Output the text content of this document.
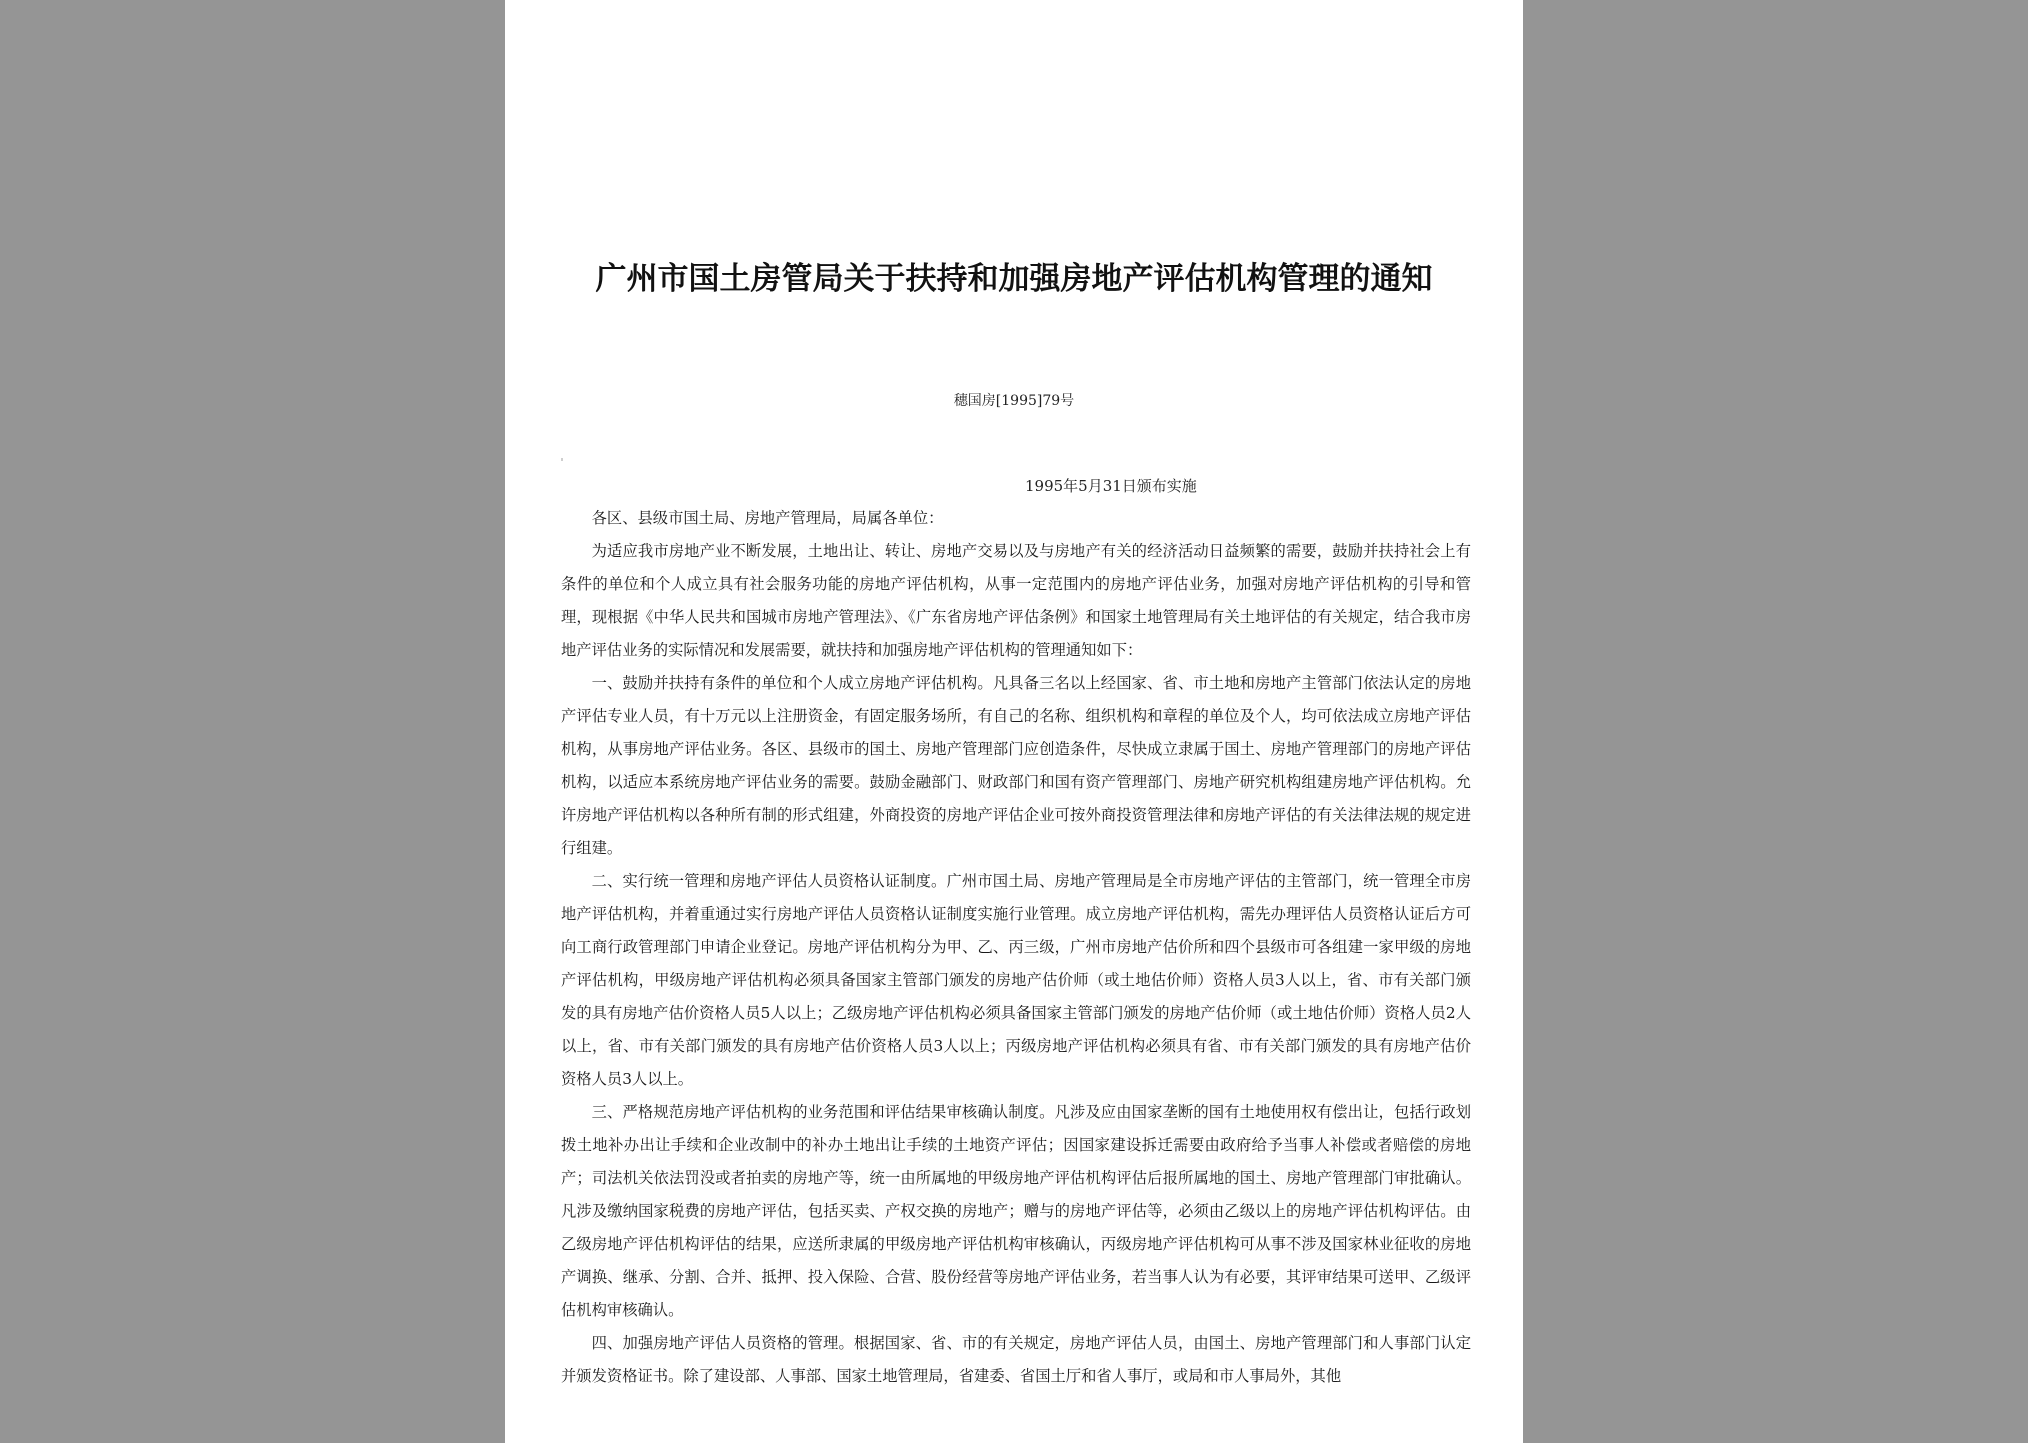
广州市国土房管局关于扶持和加强房地产评估机构管理的通知
穗国房[1995]79号
1995年5月31日颁布实施

各区、县级市国土局、房地产管理局，局属各单位：

为适应我市房地产业不断发展，土地出让、转让、房地产交易以及与房地产有关的经济活动日益频繁的需要，鼓励并扶持社会上有条件的单位和个人成立具有社会服务功能的房地产评估机构，从事一定范围内的房地产评估业务，加强对房地产评估机构的引导和管理，现根据《中华人民共和国城市房地产管理法》、《广东省房地产评估条例》和国家土地管理局有关土地评估的有关规定，结合我市房地产评估业务的实际情况和发展需要，就扶持和加强房地产评估机构的管理通知如下：

一、鼓励并扶持有条件的单位和个人成立房地产评估机构。凡具备三名以上经国家、省、市土地和房地产主管部门依法认定的房地产评估专业人员，有十万元以上注册资金，有固定服务场所，有自己的名称、组织机构和章程的单位及个人，均可依法成立房地产评估机构，从事房地产评估业务。各区、县级市的国土、房地产管理部门应创造条件，尽快成立隶属于国土、房地产管理部门的房地产评估机构，以适应本系统房地产评估业务的需要。鼓励金融部门、财政部门和国有资产管理部门、房地产研究机构组建房地产评估机构。允许房地产评估机构以各种所有制的形式组建，外商投资的房地产评估企业可按外商投资管理法律和房地产评估的有关法律法规的规定进行组建。

二、实行统一管理和房地产评估人员资格认证制度。广州市国土局、房地产管理局是全市房地产评估的主管部门，统一管理全市房地产评估机构，并着重通过实行房地产评估人员资格认证制度实施行业管理。成立房地产评估机构，需先办理评估人员资格认证后方可向工商行政管理部门申请企业登记。房地产评估机构分为甲、乙、丙三级，广州市房地产估价所和四个县级市可各组建一家甲级的房地产评估机构，甲级房地产评估机构必须具备国家主管部门颁发的房地产估价师（或土地估价师）资格人员3人以上，省、市有关部门颁发的具有房地产估价资格人员5人以上；乙级房地产评估机构必须具备国家主管部门颁发的房地产估价师（或土地估价师）资格人员2人以上，省、市有关部门颁发的具有房地产估价资格人员3人以上；丙级房地产评估机构必须具有省、市有关部门颁发的具有房地产估价资格人员3人以上。

三、严格规范房地产评估机构的业务范围和评估结果审核确认制度。凡涉及应由国家垄断的国有土地使用权有偿出让，包括行政划拨土地补办出让手续和企业改制中的补办土地出让手续的土地资产评估；因国家建设拆迁需要由政府给予当事人补偿或者赔偿的房地产；司法机关依法罚没或者拍卖的房地产等，统一由所属地的甲级房地产评估机构评估后报所属地的国土、房地产管理部门审批确认。凡涉及缴纳国家税费的房地产评估，包括买卖、产权交换的房地产；赠与的房地产评估等，必须由乙级以上的房地产评估机构评估。由乙级房地产评估机构评估的结果，应送所隶属的甲级房地产评估机构审核确认，丙级房地产评估机构可从事不涉及国家林业征收的房地产调换、继承、分割、合并、抵押、投入保险、合营、股份经营等房地产评估业务，若当事人认为有必要，其评审结果可送甲、乙级评估机构审核确认。

四、加强房地产评估人员资格的管理。根据国家、省、市的有关规定，房地产评估人员，由国土、房地产管理部门和人事部门认定并颁发资格证书。除了建设部、人事部、国家土地管理局，省建委、省国土厅和省人事厅，或局和市人事局外，其他
